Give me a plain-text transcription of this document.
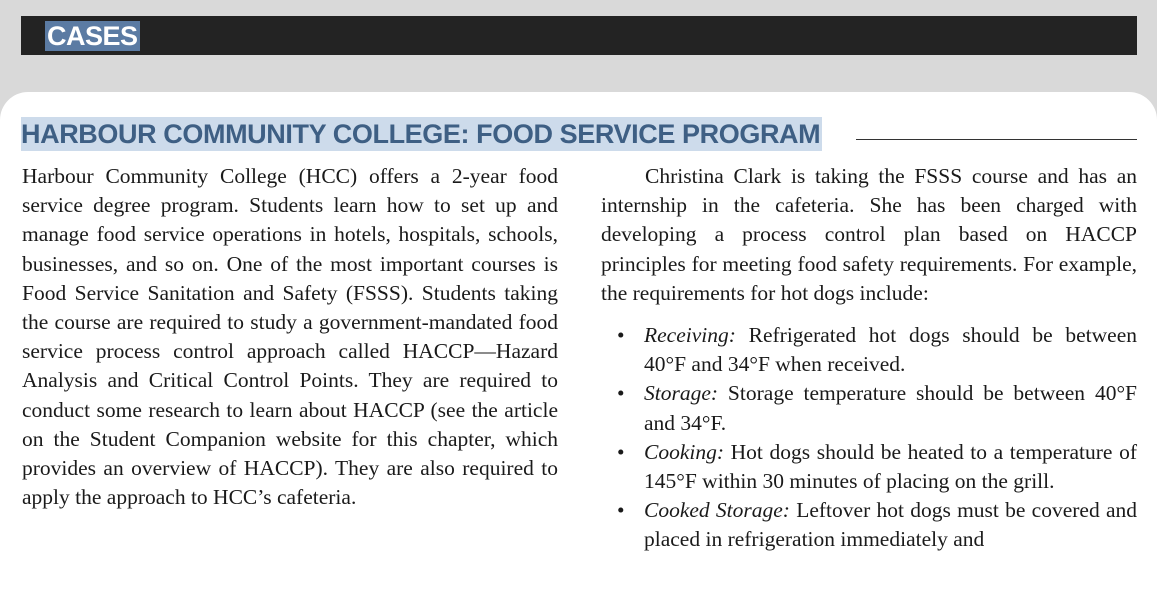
CASES
HARBOUR COMMUNITY COLLEGE: FOOD SERVICE PROGRAM

Harbour Community College (HCC) offers a 2-year food service degree program. Students learn how to set up and manage food service operations in hotels, hospitals, schools, businesses, and so on. One of the most important courses is Food Service Sanitation and Safety (FSSS). Students taking the course are required to study a government-mandated food service process control approach called HACCP—Hazard Analysis and Critical Control Points. They are required to conduct some research to learn about HACCP (see the article on the Student Companion website for this chapter, which provides an overview of HACCP). They are also required to apply the approach to HCC’s cafeteria.

Christina Clark is taking the FSSS course and has an internship in the cafeteria. She has been charged with developing a process control plan based on HACCP principles for meeting food safety requirements. For example, the requirements for hot dogs include:

• Receiving: Refrigerated hot dogs should be between 40°F and 34°F when received.
• Storage: Storage temperature should be between 40°F and 34°F.
• Cooking: Hot dogs should be heated to a temperature of 145°F within 30 minutes of placing on the grill.
• Cooked Storage: Leftover hot dogs must be covered and placed in refrigeration immediately and
